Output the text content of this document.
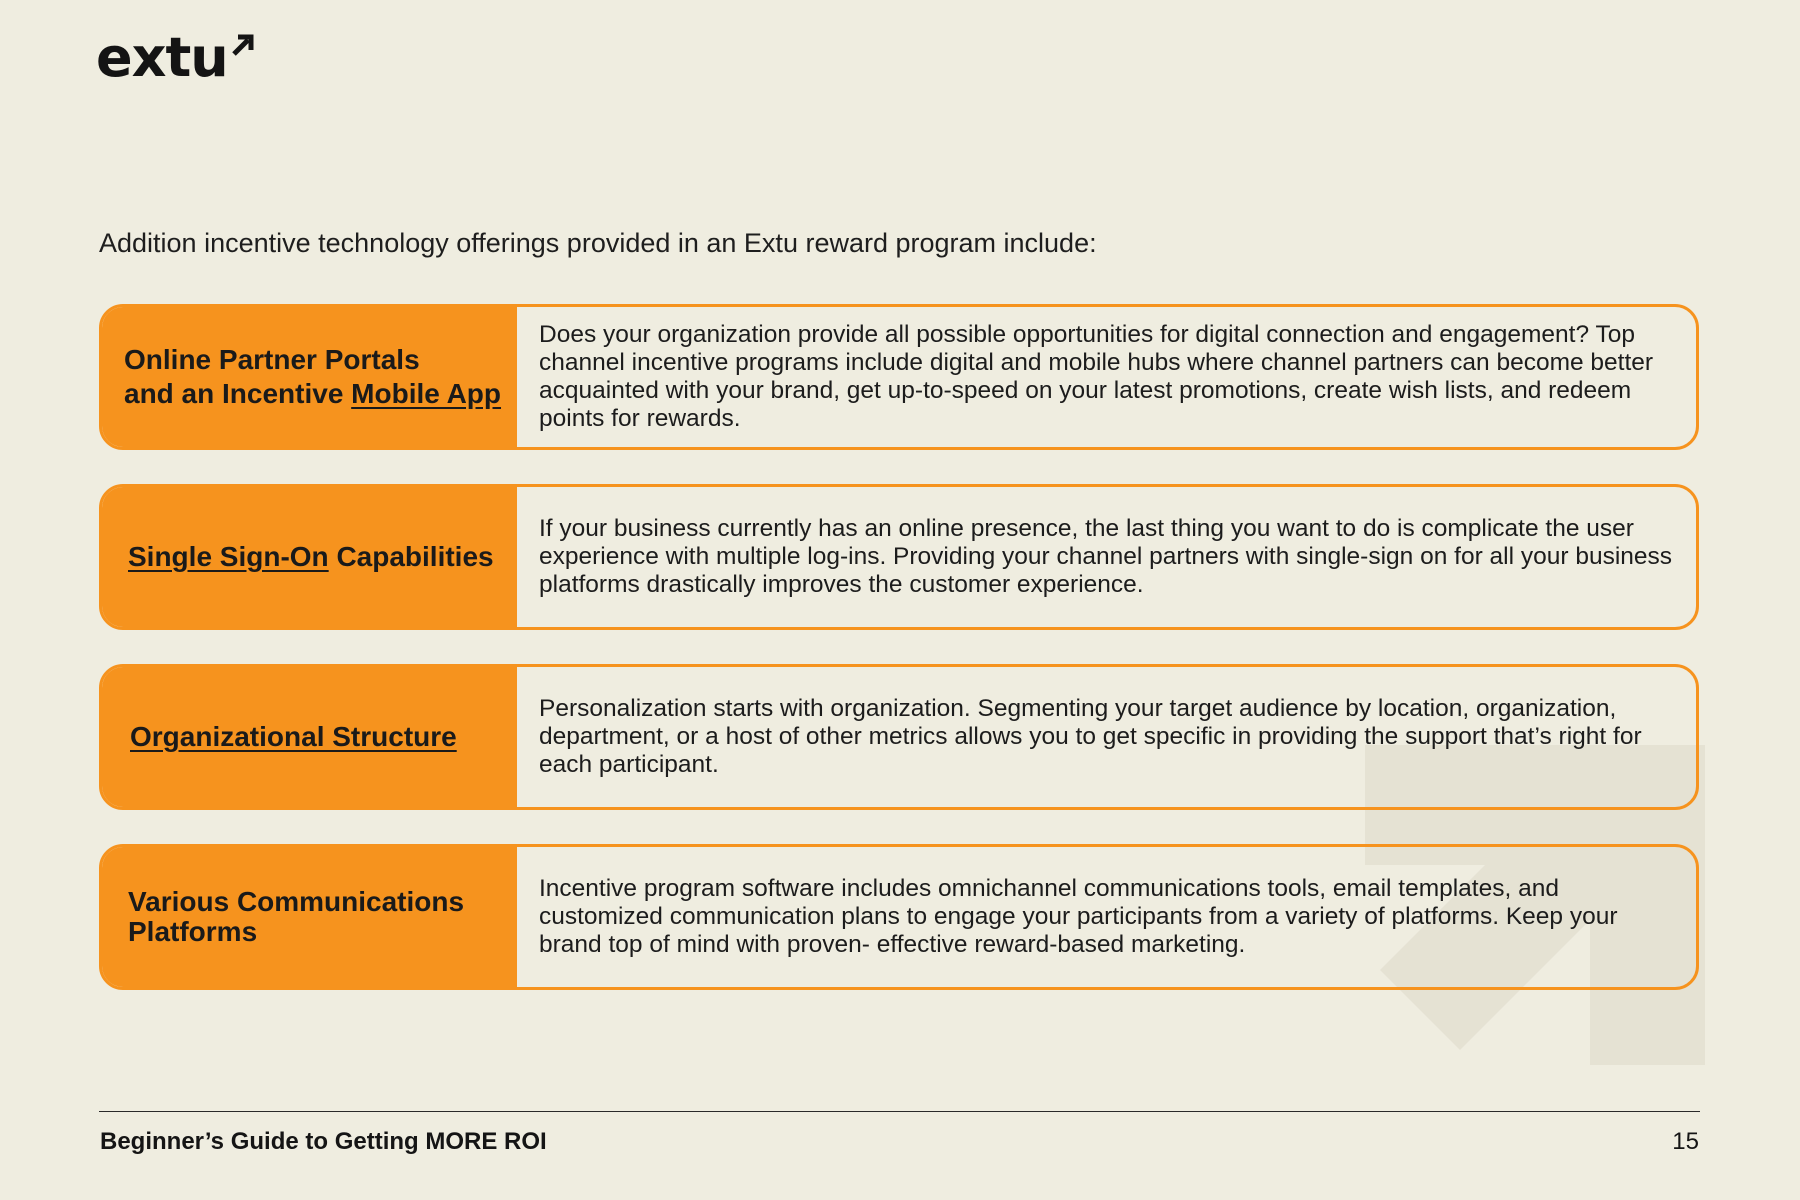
extu
Addition incentive technology offerings provided in an Extu reward program include:
Online Partner Portals
and an Incentive Mobile App
Does your organization provide all possible opportunities for digital connection and engagement? Top channel incentive programs include digital and mobile hubs where channel partners can become better acquainted with your brand, get up-to-speed on your latest promotions, create wish lists, and redeem points for rewards.
Single Sign-On Capabilities
If your business currently has an online presence, the last thing you want to do is complicate the user experience with multiple log-ins. Providing your channel partners with single-sign on for all your business platforms drastically improves the customer experience.
Organizational Structure
Personalization starts with organization. Segmenting your target audience by location, organization, department, or a host of other metrics allows you to get specific in providing the support that’s right for each participant.
Various Communications Platforms
Incentive program software includes omnichannel communications tools, email templates, and customized communication plans to engage your participants from a variety of platforms. Keep your brand top of mind with proven- effective reward-based marketing.
Beginner’s Guide to Getting MORE ROI	15
